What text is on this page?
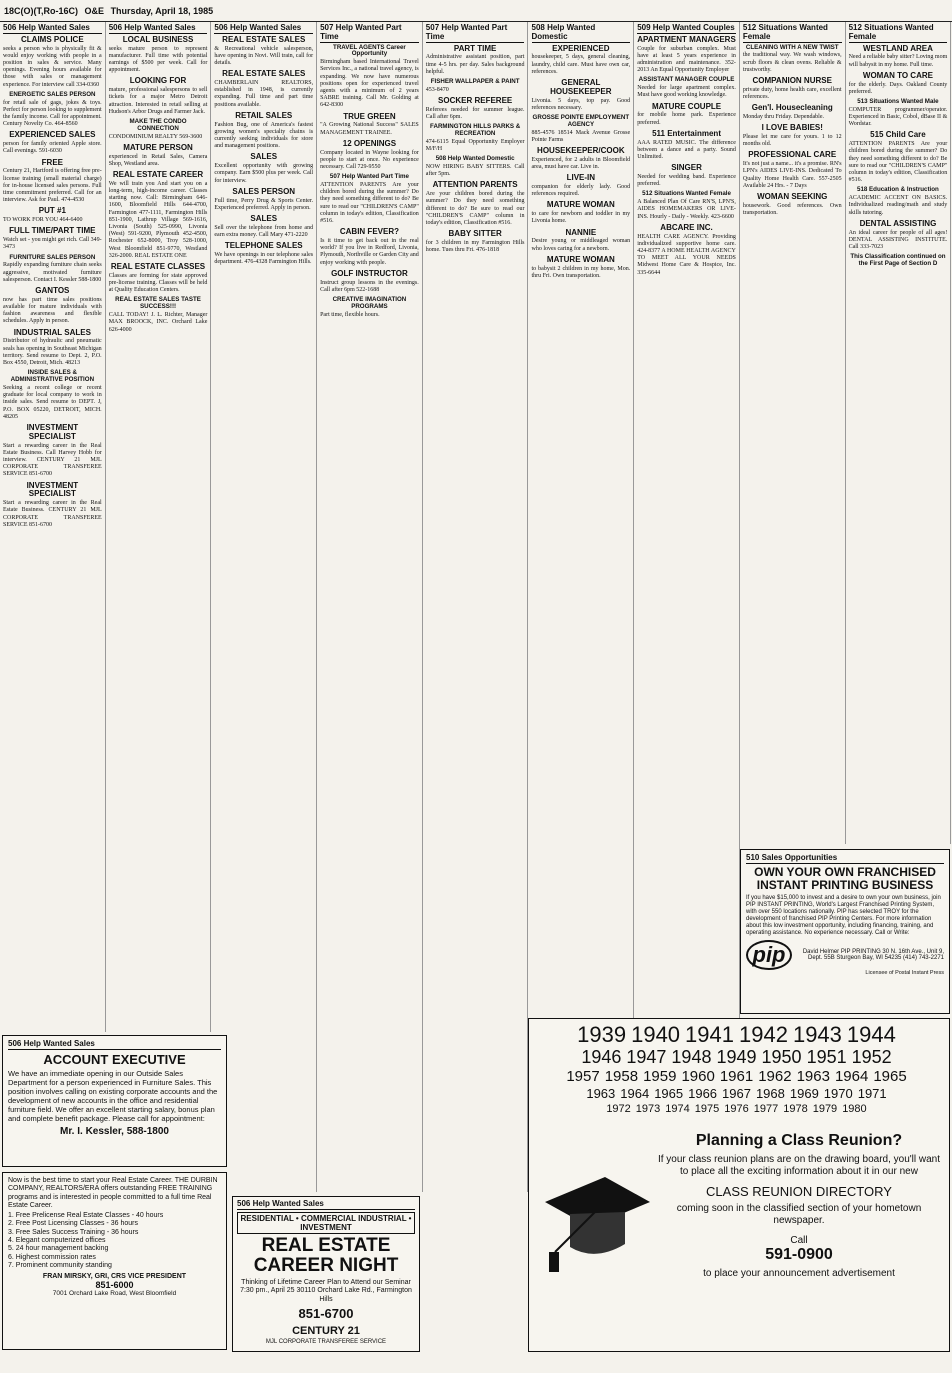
18C(O)(T,Ro-16C) O&E Thursday, April 18, 1985
506 Help Wanted Sales
CLAIMS POLICE
seeks a person who is physically fit & would enjoy working with people in a position in sales & service. Many openings. Evening hours available for those with sales or management experience. For interview call 334-0360
ENERGETIC SALES PERSON
for retail sale of gags, jokes & toys. Perfect for person looking to supplement the family income. Call for appointment. Century Novelty Co. 464-8560
EXPERIENCED SALES
person for family oriented Apple store. Call evenings. 591-6030
FREE
Century 21, Hartford is offering free pre-license training (small material charge) for in-house licensed sales persons. Full time commitment preferred. Call for an interview. Ask for Paul. 474-4530
PUT #1
TO WORK FOR YOU 464-6400
FULL TIME/PART TIME
Watch set - you might get rich. Call 349-3473
FURNITURE SALES PERSON
Rapidly expanding furniture chain seeks aggressive, motivated furniture salesperson. Contact I. Kessler 588-1800
GANTOS
now has part time sales positions available for mature individuals with fashion awareness and flexible schedules. Apply in person.
INDUSTRIAL SALES
Distributor of hydraulic and pneumatic seals has opening in Southeast Michigan territory. Send resume to Dept. 2, P.O. Box 4550, Detroit, Mich. 48213
INSIDE SALES & ADMINISTRATIVE POSITION
Seeking a recent college or recent graduate for local company to work in inside sales. Send resume to DEPT. J, P.O. BOX 05220, DETROIT, MICH. 48205
INVESTMENT SPECIALIST
Start a rewarding career in the Real Estate Business. Call Harvey Hobb for interview. CENTURY 21 MJL CORPORATE TRANSFEREE SERVICE 851-6700
INVESTMENT SPECIALIST
Start a rewarding career in the Real Estate Business. CENTURY 21 MJL CORPORATE TRANSFEREE SERVICE 851-6700
506 Help Wanted Sales
LOCAL BUSINESS
seeks mature person to represent manufacturer. Full time with potential earnings of $500 per week. Call for appointment.
LOOKING FOR
mature, professional salespersons to sell tickets for a major Metro Detroit attraction. Interested in retail selling at Hudson's Arbor Drugs and Farmer Jack.
MAKE THE CONDO CONNECTION
CONDOMINIUM REALTY 569-3600
MATURE PERSON
experienced in Retail Sales, Camera Shop, Westland area.
REAL ESTATE CAREER
We will train you And start you on a long-term, high-income career. Classes starting now. Call: Birmingham 646-1600, Bloomfield Hills 644-4700, Farmington 477-1111, Farmington Hills 851-1900, Lathrup Village 569-1616, Livonia (South) 525-0990, Livonia (West) 591-9200, Plymouth 452-4500, Rochester 652-8000, Troy 528-1000, West Bloomfield 851-9770, Westland 326-2000. REAL ESTATE ONE
REAL ESTATE CLASSES
Classes are forming for state approved pre-license training. Classes will be held at Quality Education Centers.
REAL ESTATE SALES TASTE SUCCESS!!!
CALL TODAY! J. L. Richter, Manager MAX BROOCK, INC. Orchard Lake 626-4000
506 Help Wanted Sales
REAL ESTATE SALES
& Recreational vehicle salesperson, have opening in Novi. Will train, call for details.
REAL ESTATE SALES
CHAMBERLAIN REALTORS, established in 1948, is currently expanding. Full time and part time positions available.
RETAIL SALES
Fashion Bug, one of America's fastest growing women's specialty chains is currently seeking individuals for store and management positions.
SALES
Excellent opportunity with growing company. Earn $500 plus per week. Call for interview.
SALES PERSON
Full time, Perry Drug & Sports Center. Experienced preferred. Apply in person.
SALES
Sell over the telephone from home and earn extra money. Call Mary 471-2220
TELEPHONE SALES
We have openings in our telephone sales department. 476-4328 Farmington Hills.
507 Help Wanted Part Time
TRAVEL AGENTS Career Opportunity
Birmingham based International Travel Services Inc., a national travel agency, is expanding. We now have numerous positions open for experienced travel agents with a minimum of 2 years SABRE training. Call Mr. Golding at 642-8300
TRUE GREEN
"A Growing National Success" SALES MANAGEMENT TRAINEE.
12 OPENINGS
Company located in Wayne looking for people to start at once. No experience necessary. Call 729-9550
507 Help Wanted Part Time
ATTENTION PARENTS Are your children bored during the summer? Do they need something different to do? Be sure to read our "CHILDREN'S CAMP" column in today's edition, Classification #516.
CABIN FEVER?
Is it time to get back out in the real world? If you live in Redford, Livonia, Plymouth, Northville or Garden City and enjoy working with people.
GOLF INSTRUCTOR
Instruct group lessons in the evenings. Call after 6pm 522-1688
CREATIVE IMAGINATION PROGRAMS
Part time, flexible hours.
507 Help Wanted Part Time
PART TIME
Administrative assistant position, part time 4-5 hrs. per day. Sales background helpful.
FISHER WALLPAPER & PAINT
453-8470
SOCKER REFEREE
Referees needed for summer league. Call after 6pm.
FARMINGTON HILLS PARKS & RECREATION
474-6115 Equal Opportunity Employer M/F/H
508 Help Wanted Domestic
NOW HIRING BABY SITTERS. Call after 5pm.
ATTENTION PARENTS
Are your children bored during the summer? Do they need something different to do? Be sure to read our "CHILDREN'S CAMP" column in today's edition, Classification #516.
BABY SITTER
for 3 children in my Farmington Hills home. Tues thru Fri. 476-1818
508 Help Wanted Domestic
EXPERIENCED
housekeeper, 5 days, general cleaning, laundry, child care. Must have own car, references.
GENERAL HOUSEKEEPER
Livonia. 5 days, top pay. Good references necessary.
GROSSE POINTE EMPLOYMENT AGENCY
885-4576 18514 Mack Avenue Grosse Pointe Farms
HOUSEKEEPER/COOK
Experienced, for 2 adults in Bloomfield area, must have car. Live in.
LIVE-IN
companion for elderly lady. Good references required.
MATURE WOMAN
to care for newborn and toddler in my Livonia home.
NANNIE
Desire young or middleaged woman who loves caring for a newborn.
MATURE WOMAN
to babysit 2 children in my home, Mon. thru Fri. Own transportation.
509 Help Wanted Couples
APARTMENT MANAGERS
Couple for suburban complex. Must have at least 5 years experience in administration and maintenance. 352-2013 An Equal Opportunity Employer
ASSISTANT MANAGER COUPLE
Needed for large apartment complex. Must have good working knowledge.
MATURE COUPLE
for mobile home park. Experience preferred.
511 Entertainment
AAA RATED MUSIC. The difference between a dance and a party. Sound Unlimited.
SINGER
Needed for wedding band. Experience preferred.
512 Situations Wanted Female
A Balanced Plan Of Care RN'S, LPN'S, AIDES HOMEMAKERS OR LIVE-INS. Hourly - Daily - Weekly. 423-6600
ABCARE INC.
HEALTH CARE AGENCY. Providing individualized supportive home care. 424-8377 A HOME HEALTH AGENCY TO MEET ALL YOUR NEEDS Midwest Home Care & Hospice, Inc. 335-6644
512 Situations Wanted Female
CLEANING WITH A NEW TWIST
the traditional way. We wash windows, scrub floors & clean ovens. Reliable & trustworthy.
COMPANION NURSE
private duty, home health care, excellent references.
Gen'l. Housecleaning
Monday thru Friday. Dependable.
I LOVE BABIES!
Please let me care for yours. 1 to 12 months old.
PROFESSIONAL CARE
It's not just a name... it's a promise. RN's LPN's AIDES LIVE-INS. Dedicated To Quality Home Health Care. 557-2505 Available 24 Hrs. - 7 Days
WOMAN SEEKING
housework. Good references. Own transportation.
512 Situations Wanted Female
WESTLAND AREA
Need a reliable baby sitter? Loving mom will babysit in my home. Full time.
WOMAN TO CARE
for the elderly. Days. Oakland County preferred.
513 Situations Wanted Male
COMPUTER programmer/operator. Experienced in Basic, Cobol, dBase II & Wordstar.
515 Child Care
ATTENTION PARENTS Are your children bored during the summer? Do they need something different to do? Be sure to read our "CHILDREN'S CAMP" column in today's edition, Classification #516.
518 Education & Instruction
ACADEMIC ACCENT ON BASICS. Individualized reading/math and study skills tutoring.
DENTAL ASSISTING
An ideal career for people of all ages! DENTAL ASSISTING INSTITUTE. Call 333-7023
This Classification continued on the First Page of Section D
506 Help Wanted Sales
ACCOUNT EXECUTIVE
We have an immediate opening in our Outside Sales Department for a person experienced in Furniture Sales. This position involves calling on existing corporate accounts and the development of new accounts in the office and residential furniture field. We offer an excellent starting salary, bonus plan and complete benefit package. Please call for appointment:
Mr. I. Kessler, 588-1800
Now is the best time to start your Real Estate Career. THE DURBIN COMPANY, REALTORS/ERA offers outstanding FREE TRAINING programs and is interested in people committed to a full time Real Estate Career.
1. Free Prelicense Real Estate Classes - 40 hours
2. Free Post Licensing Classes - 36 hours
3. Free Sales Success Training - 36 hours
4. Elegant computerized offices
5. 24 hour management backing
6. Highest commission rates
7. Prominent community standing
FRAN MIRSKY, GRI, CRS VICE PRESIDENT
851-6000
7001 Orchard Lake Road, West Bloomfield
506 Help Wanted Sales
RESIDENTIAL • COMMERCIAL INDUSTRIAL • INVESTMENT
REAL ESTATE CAREER NIGHT
Thinking of Lifetime Career Plan to Attend our Seminar 7:30 pm., April 25 30110 Orchard Lake Rd., Farmington Hills
851-6700
CENTURY 21
MJL CORPORATE TRANSFEREE SERVICE
510 Sales Opportunities
OWN YOUR OWN FRANCHISED INSTANT PRINTING BUSINESS
If you have $15,000 to invest and a desire to own your own business, join PIP INSTANT PRINTING, World's Largest Franchised Printing System, with over 550 locations nationally. PIP has selected TROY for the development of franchised PIP Printing Centers. For more information about this low investment opportunity, including financing, training, and operating assistance. No experience necessary. Call or Write:
pip	David Helmer PIP PRINTING 30 N. 16th Ave., Unit 9, Dept. 55B Sturgeon Bay, WI 54235 (414) 743-2271
Licensee of Postal Instant Press
1939 1940 1941 1942 1943 1944
1946 1947 1948 1949 1950 1951 1952
1957 1958 1959 1960 1961 1962 1963 1964 1965
1963 1964 1965 1966 1967 1968 1969 1970 1971
1972 1973 1974 1975 1976 1977 1978 1979 1980
Planning a Class Reunion?
If your class reunion plans are on the drawing board, you'll want to place all the exciting information about it in our new
CLASS REUNION DIRECTORY
coming soon in the classified section of your hometown newspaper.
Call
591-0900
to place your announcement advertisement
